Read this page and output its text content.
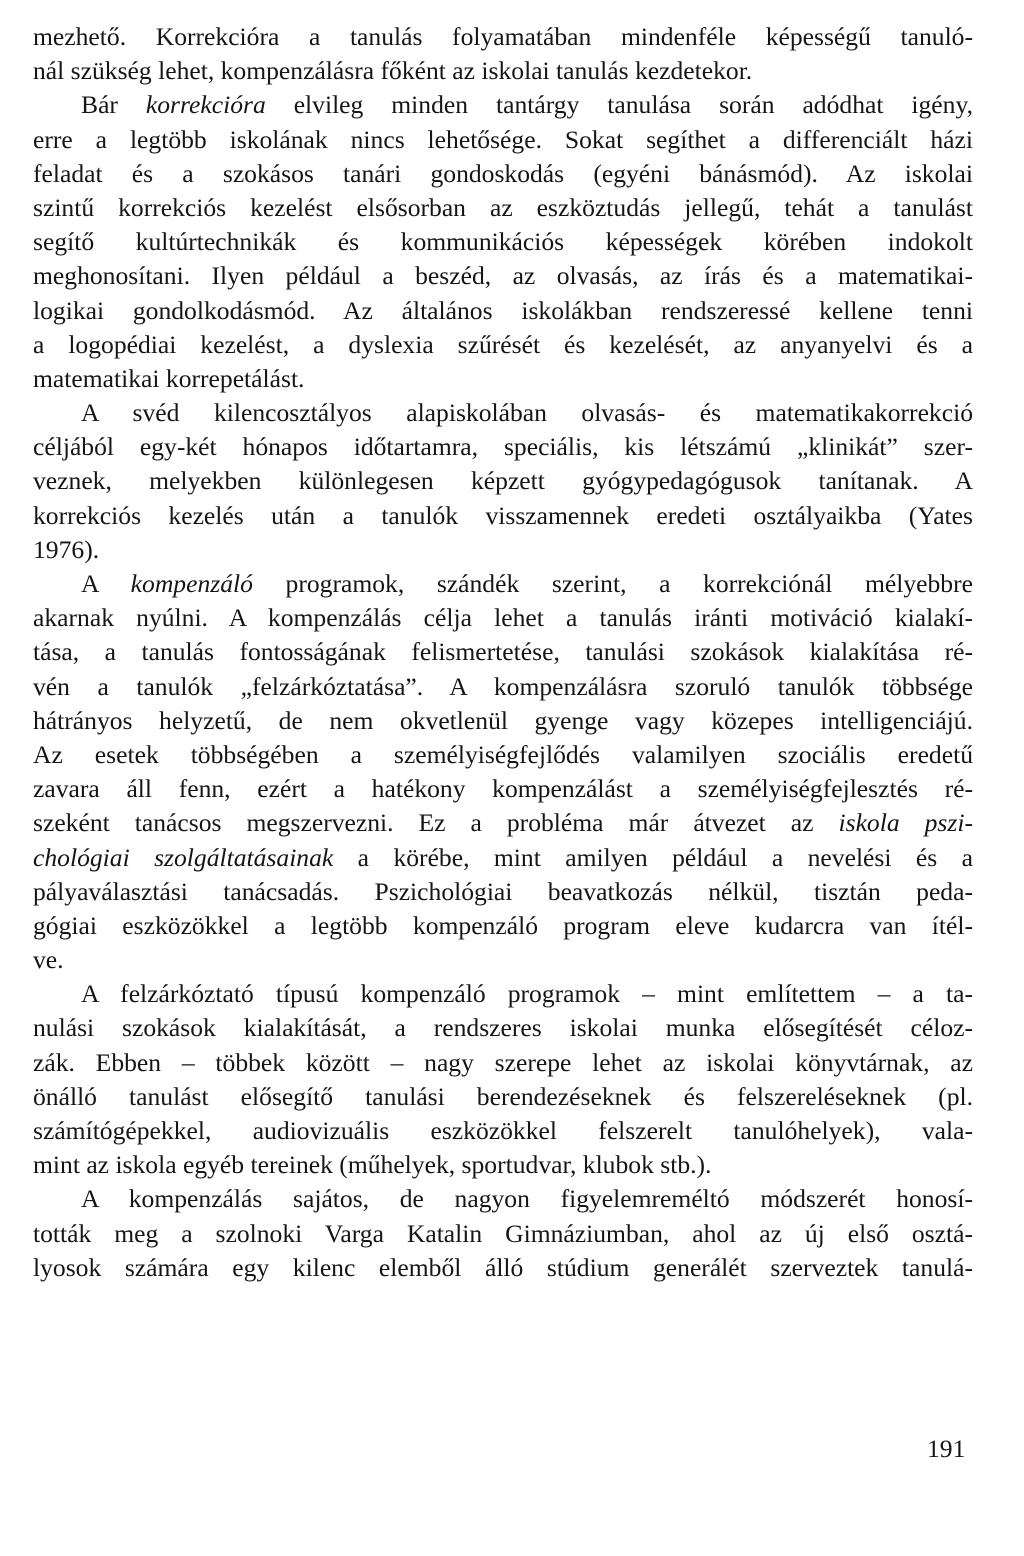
mezhető. Korrekcióra a tanulás folyamatában mindenféle képességű tanuló-
nál szükség lehet, kompenzálásra főként az iskolai tanulás kezdetekor.
Bár korrekcióra elvileg minden tantárgy tanulása során adódhat igény,
erre a legtöbb iskolának nincs lehetősége. Sokat segíthet a differenciált házi
feladat és a szokásos tanári gondoskodás (egyéni bánásmód). Az iskolai
szintű korrekciós kezelést elsősorban az eszköztudás jellegű, tehát a tanulást
segítő kultúrtechnikák és kommunikációs képességek körében indokolt
meghonosítani. Ilyen például a beszéd, az olvasás, az írás és a matematikai-
logikai gondolkodásmód. Az általános iskolákban rendszeressé kellene tenni
a logopédiai kezelést, a dyslexia szűrését és kezelését, az anyanyelvi és a
matematikai korrepetálást.
A svéd kilencosztályos alapiskolában olvasás- és matematikakorrekció
céljából egy-két hónapos időtartamra, speciális, kis létszámú „klinikát” szer-
veznek, melyekben különlegesen képzett gyógypedagógusok tanítanak. A
korrekciós kezelés után a tanulók visszamennek eredeti osztályaikba (Yates
1976).
A kompenzáló programok, szándék szerint, a korrekciónál mélyebbre
akarnak nyúlni. A kompenzálás célja lehet a tanulás iránti motiváció kialakí-
tása, a tanulás fontosságának felismertetése, tanulási szokások kialakítása ré-
vén a tanulók „felzárkóztatása”. A kompenzálásra szoruló tanulók többsége
hátrányos helyzetű, de nem okvetlenül gyenge vagy közepes intelligenciájú.
Az esetek többségében a személyiségfejlődés valamilyen szociális eredetű
zavara áll fenn, ezért a hatékony kompenzálást a személyiségfejlesztés ré-
szeként tanácsos megszervezni. Ez a probléma már átvezet az iskola pszi-
chológiai szolgáltatásainak a körébe, mint amilyen például a nevelési és a
pályaválasztási tanácsadás. Pszichológiai beavatkozás nélkül, tisztán peda-
gógiai eszközökkel a legtöbb kompenzáló program eleve kudarcra van ítél-
ve.
A felzárkóztató típusú kompenzáló programok – mint említettem – a ta-
nulási szokások kialakítását, a rendszeres iskolai munka elősegítését céloz-
zák. Ebben – többek között – nagy szerepe lehet az iskolai könyvtárnak, az
önálló tanulást elősegítő tanulási berendezéseknek és felszereléseknek (pl.
számítógépekkel, audiovizuális eszközökkel felszerelt tanulóhelyek), vala-
mint az iskola egyéb tereinek (műhelyek, sportudvar, klubok stb.).
A kompenzálás sajátos, de nagyon figyelemreméltó módszerét honosí-
tották meg a szolnoki Varga Katalin Gimnáziumban, ahol az új első osztá-
lyosok számára egy kilenc elemből álló stúdium generálét szerveztek tanulá-
191
